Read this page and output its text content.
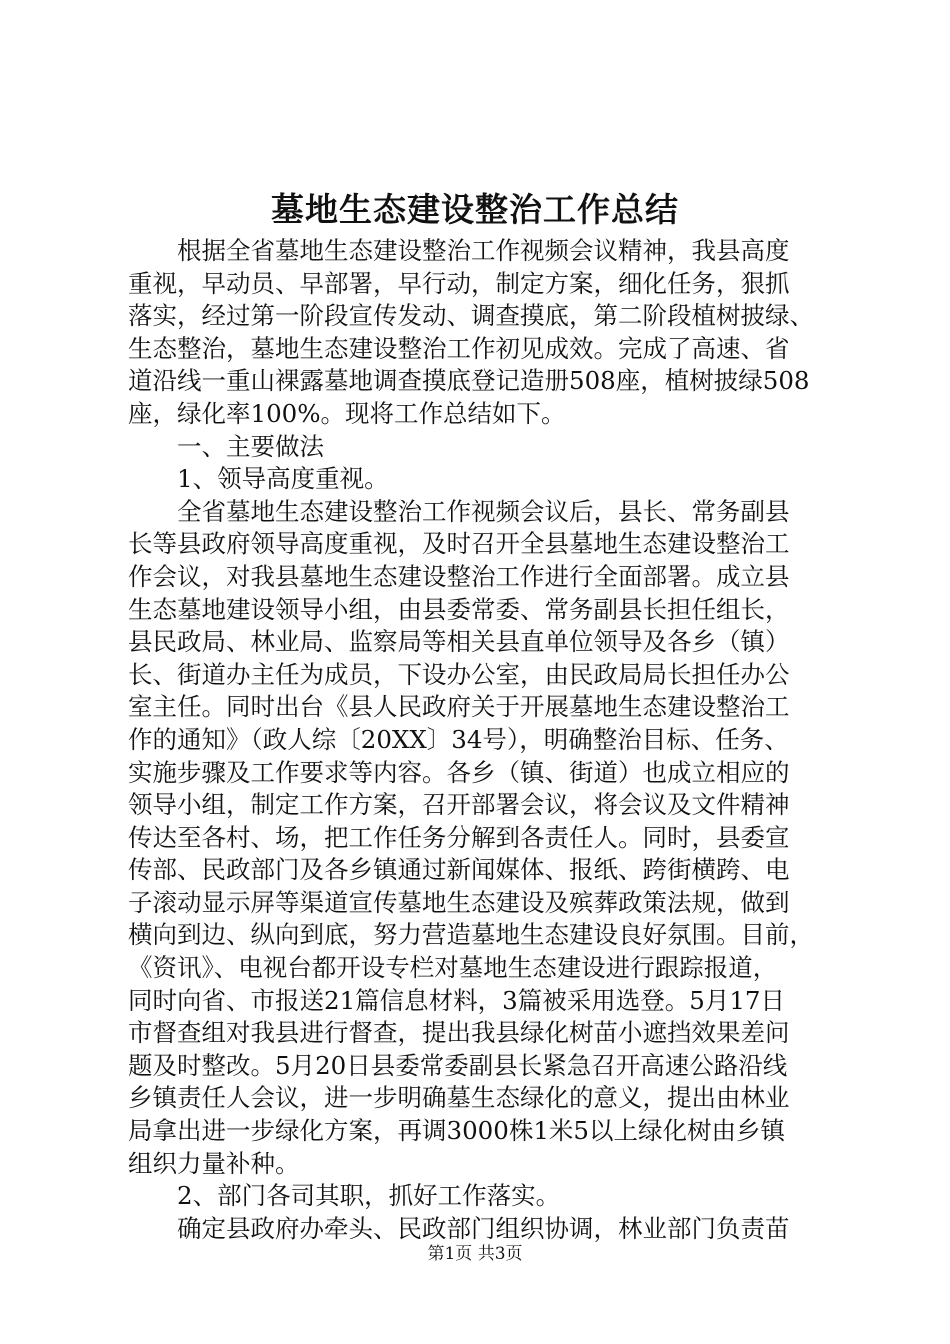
墓地生态建设整治工作总结
　　根据全省墓地生态建设整治工作视频会议精神，我县高度
重视，早动员、早部署，早行动，制定方案，细化任务，狠抓
落实，经过第一阶段宣传发动、调查摸底，第二阶段植树披绿、
生态整治，墓地生态建设整治工作初见成效。完成了高速、省
道沿线一重山裸露墓地调查摸底登记造册508座，植树披绿508
座，绿化率100%。现将工作总结如下。
　　一、主要做法
　　1、领导高度重视。
　　全省墓地生态建设整治工作视频会议后，县长、常务副县
长等县政府领导高度重视，及时召开全县墓地生态建设整治工
作会议，对我县墓地生态建设整治工作进行全面部署。成立县
生态墓地建设领导小组，由县委常委、常务副县长担任组长，
县民政局、林业局、监察局等相关县直单位领导及各乡（镇）
长、街道办主任为成员，下设办公室，由民政局局长担任办公
室主任。同时出台《县人民政府关于开展墓地生态建设整治工
作的通知》（政人综〔20XX〕34号），明确整治目标、任务、
实施步骤及工作要求等内容。各乡（镇、街道）也成立相应的
领导小组，制定工作方案，召开部署会议，将会议及文件精神
传达至各村、场，把工作任务分解到各责任人。同时，县委宣
传部、民政部门及各乡镇通过新闻媒体、报纸、跨街横跨、电
子滚动显示屏等渠道宣传墓地生态建设及殡葬政策法规，做到
横向到边、纵向到底，努力营造墓地生态建设良好氛围。目前，
《资讯》、电视台都开设专栏对墓地生态建设进行跟踪报道，
同时向省、市报送21篇信息材料，3篇被采用选登。5月17日
市督查组对我县进行督查，提出我县绿化树苗小遮挡效果差问
题及时整改。5月20日县委常委副县长紧急召开高速公路沿线
乡镇责任人会议，进一步明确墓生态绿化的意义，提出由林业
局拿出进一步绿化方案，再调3000株1米5以上绿化树由乡镇
组织力量补种。
　　2、部门各司其职，抓好工作落实。
　　确定县政府办牵头、民政部门组织协调，林业部门负责苗
第1页 共3页
